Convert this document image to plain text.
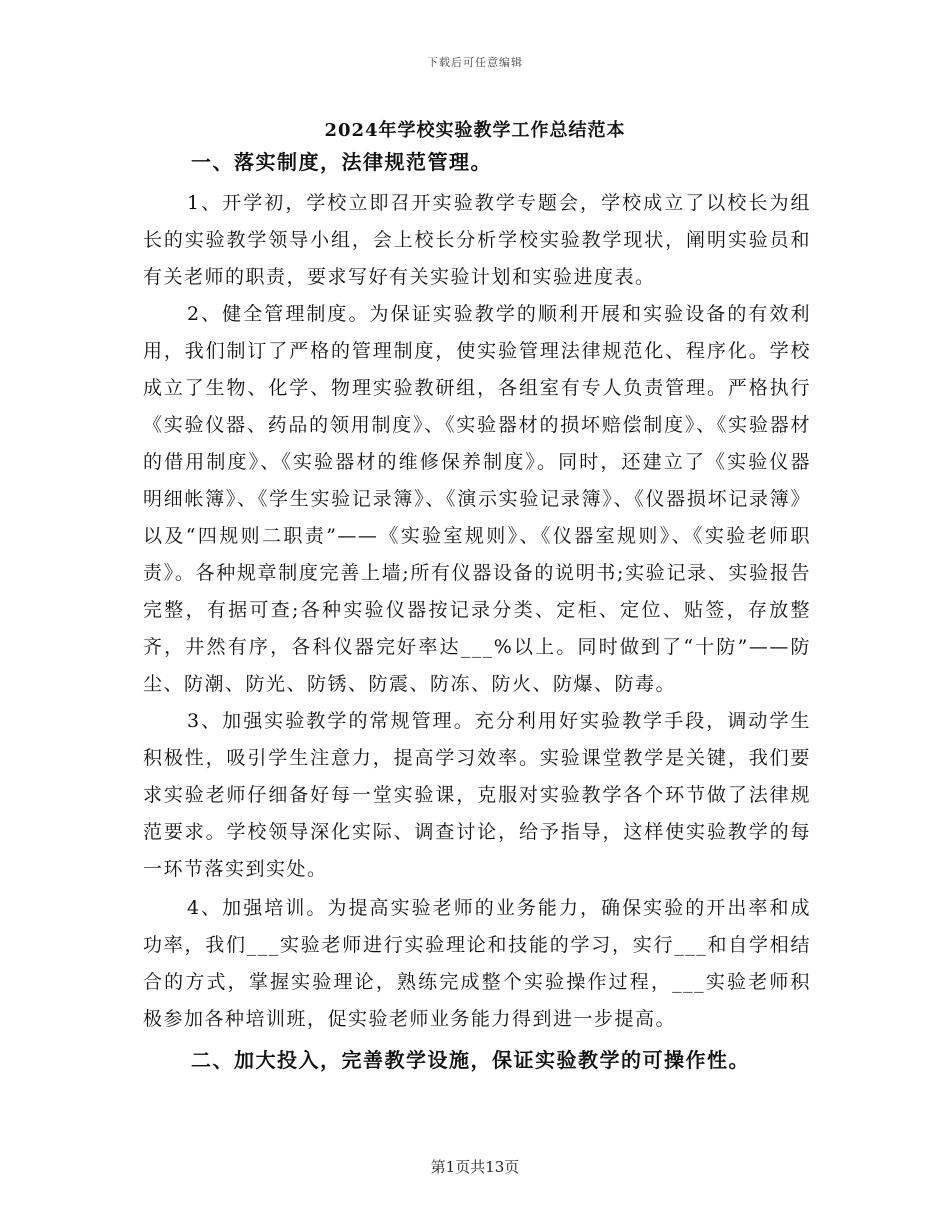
下载后可任意编辑
2024年学校实验教学工作总结范本
一、落实制度，法律规范管理。

1、开学初，学校立即召开实验教学专题会，学校成立了以校长为组长的实验教学领导小组，会上校长分析学校实验教学现状，阐明实验员和有关老师的职责，要求写好有关实验计划和实验进度表。

2、健全管理制度。为保证实验教学的顺利开展和实验设备的有效利用，我们制订了严格的管理制度，使实验管理法律规范化、程序化。学校成立了生物、化学、物理实验教研组，各组室有专人负责管理。严格执行《实验仪器、药品的领用制度》、《实验器材的损坏赔偿制度》、《实验器材的借用制度》、《实验器材的维修保养制度》。同时，还建立了《实验仪器明细帐簿》、《学生实验记录簿》、《演示实验记录簿》、《仪器损坏记录簿》以及“四规则二职责”——《实验室规则》、《仪器室规则》、《实验老师职责》。各种规章制度完善上墙;所有仪器设备的说明书;实验记录、实验报告完整，有据可查;各种实验仪器按记录分类、定柜、定位、贴签，存放整齐，井然有序，各科仪器完好率达___%以上。同时做到了“十防”——防尘、防潮、防光、防锈、防震、防冻、防火、防爆、防毒。

3、加强实验教学的常规管理。充分利用好实验教学手段，调动学生积极性，吸引学生注意力，提高学习效率。实验课堂教学是关键，我们要求实验老师仔细备好每一堂实验课，克服对实验教学各个环节做了法律规范要求。学校领导深化实际、调查讨论，给予指导，这样使实验教学的每一环节落实到实处。

4、加强培训。为提高实验老师的业务能力，确保实验的开出率和成功率，我们___实验老师进行实验理论和技能的学习，实行___和自学相结合的方式，掌握实验理论，熟练完成整个实验操作过程，___实验老师积极参加各种培训班，促实验老师业务能力得到进一步提高。

二、加大投入，完善教学设施，保证实验教学的可操作性。
第1页共13页
